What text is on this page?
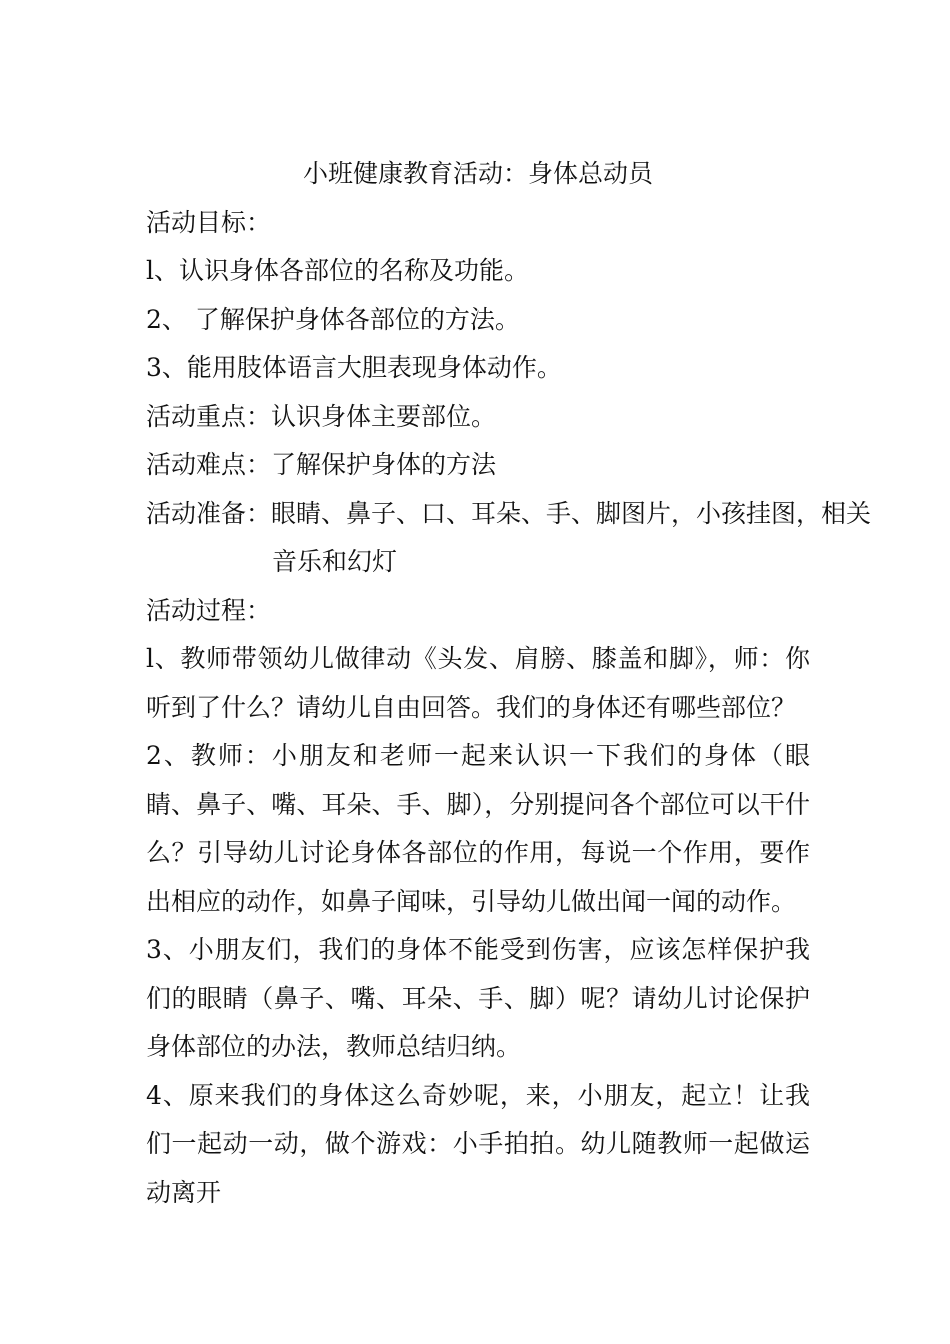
小班健康教育活动：身体总动员
活动目标：
l、认识身体各部位的名称及功能。
2、 了解保护身体各部位的方法。
3、能用肢体语言大胆表现身体动作。
活动重点：认识身体主要部位。
活动难点：了解保护身体的方法
活动准备：眼睛、鼻子、口、耳朵、手、脚图片，小孩挂图，相关
音乐和幻灯
活动过程：
l、教师带领幼儿做律动《头发、肩膀、膝盖和脚》，师：你听到了什么？请幼儿自由回答。我们的身体还有哪些部位？
2、教师：小朋友和老师一起来认识一下我们的身体（眼睛、鼻子、嘴、耳朵、手、脚），分别提问各个部位可以干什么？引导幼儿讨论身体各部位的作用，每说一个作用，要作出相应的动作，如鼻子闻味，引导幼儿做出闻一闻的动作。
3、小朋友们，我们的身体不能受到伤害，应该怎样保护我们的眼睛（鼻子、嘴、耳朵、手、脚）呢？请幼儿讨论保护身体部位的办法，教师总结归纳。
4、原来我们的身体这么奇妙呢，来，小朋友，起立！让我们一起动一动，做个游戏：小手拍拍。幼儿随教师一起做运动离开
